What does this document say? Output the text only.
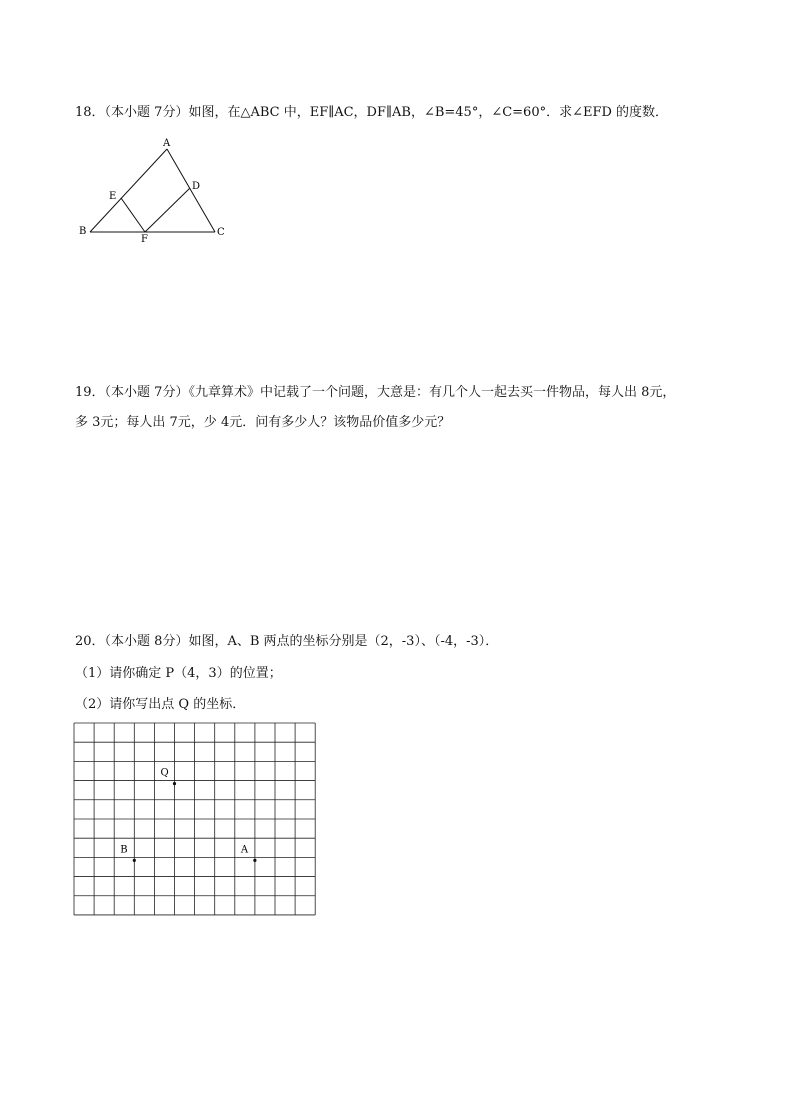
18．（本小题 7分）如图，在△ABC 中，EF∥AC，DF∥AB，∠B=45°，∠C=60°．求∠EFD 的度数．
A
B	C
D
E
F
19．（本小题 7分）《九章算术》中记载了一个问题，大意是：有几个人一起去买一件物品，每人出 8元，
多 3元；每人出 7元，少 4元．问有多少人？该物品价值多少元？
20．（本小题 8分）如图，A、B 两点的坐标分别是（2，-3）、（-4，-3）．
（1）请你确定 P（4，3）的位置；
（2）请你写出点 Q 的坐标．
A
B
Q
